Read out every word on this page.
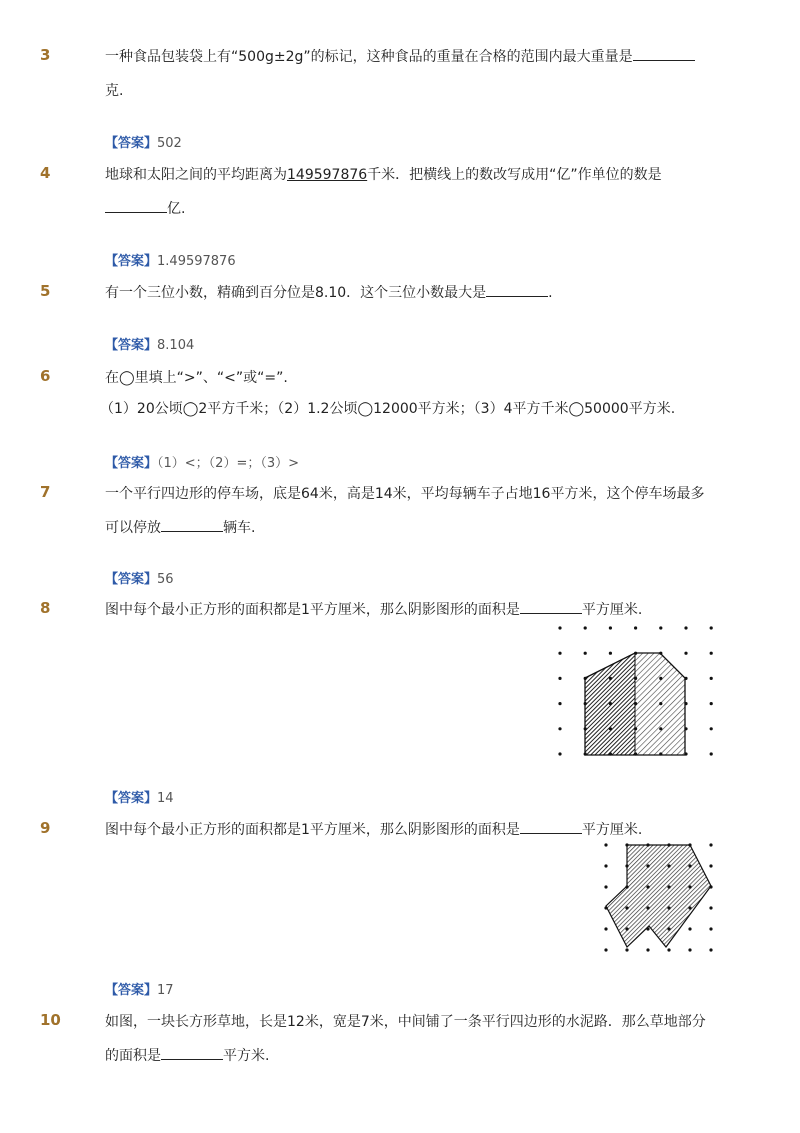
3	一种食品包装袋上有“500g±2g”的标记，这种食品的重量在合格的范围内最大重量是
克.
【答案】502
4	地球和太阳之间的平均距离为149597876千米．把横线上的数改写成用“亿”作单位的数是
亿.
【答案】1.49597876
5	有一个三位小数，精确到百分位是8.10．这个三位小数最大是	.
【答案】8.104
6	在◯里填上“>”、“<”或“=”.
（1）20公顷◯2平方千米；（2）1.2公顷◯12000平方米；（3）4平方千米◯50000平方米.
【答案】（1）<；（2）=；（3）>
7	一个平行四边形的停车场，底是64米，高是14米，平均每辆车子占地16平方米，这个停车场最多
可以停放	辆车.
【答案】56
8	图中每个最小正方形的面积都是1平方厘米，那么阴影图形的面积是	平方厘米.
【答案】14
9	图中每个最小正方形的面积都是1平方厘米，那么阴影图形的面积是	平方厘米.
【答案】17
10	如图，一块长方形草地，长是12米，宽是7米，中间铺了一条平行四边形的水泥路．那么草地部分
的面积是	平方米.
